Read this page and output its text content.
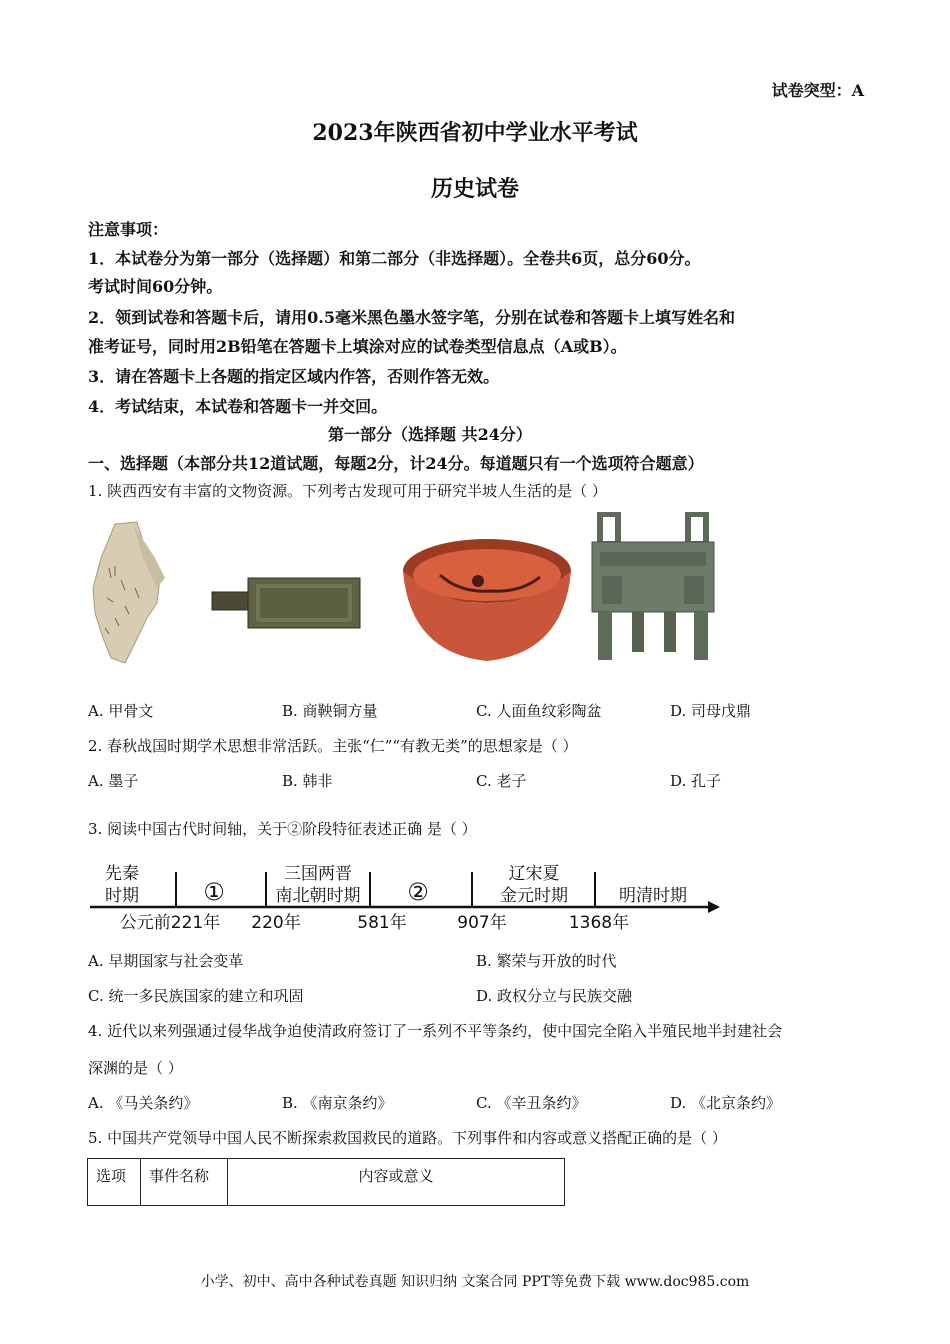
试卷突型：A
2023年陕西省初中学业水平考试
历史试卷
注意事项：
1．本试卷分为第一部分（选择题）和第二部分（非选择题）。全卷共6页，总分60分。
考试时间60分钟。
2．领到试卷和答题卡后，请用0.5毫米黑色墨水签字笔，分别在试卷和答题卡上填写姓名和
准考证号，同时用2B铅笔在答题卡上填涂对应的试卷类型信息点（A或B）。
3．请在答题卡上各题的指定区域内作答，否则作答无效。
4．考试结束，本试卷和答题卡一并交回。
第一部分（选择题 共24分）
一、选择题（本部分共12道试题，每题2分，计24分。每道题只有一个选项符合题意）
1. 陕西西安有丰富的文物资源。下列考古发现可用于研究半坡人生活的是（ ）
A. 甲骨文	B. 商鞅铜方量	C. 人面鱼纹彩陶盆	D. 司母戊鼎
2. 春秋战国时期学术思想非常活跃。主张“仁”“有教无类”的思想家是（ ）
A. 墨子	B. 韩非	C. 老子	D. 孔子
3. 阅读中国古代时间轴，关于②阶段特征表述正确 是（ ）
先秦
时期	①
三国两晋
南北朝时期 ②
辽宋夏
金元时期	明清时期
公元前221年 220年	581年	907年	1368年
A. 早期国家与社会变革	B. 繁荣与开放的时代
C. 统一多民族国家的建立和巩固	D. 政权分立与民族交融
4. 近代以来列强通过侵华战争迫使清政府签订了一系列不平等条约，使中国完全陷入半殖民地半封建社会
深渊的是（ ）
A. 《马关条约》	B. 《南京条约》	C. 《辛丑条约》	D. 《北京条约》
5. 中国共产党领导中国人民不断探索救国救民的道路。下列事件和内容或意义搭配正确的是（ ）
选项	事件名称	内容或意义
小学、初中、高中各种试卷真题 知识归纳 文案合同 PPT等免费下载 www.doc985.com
